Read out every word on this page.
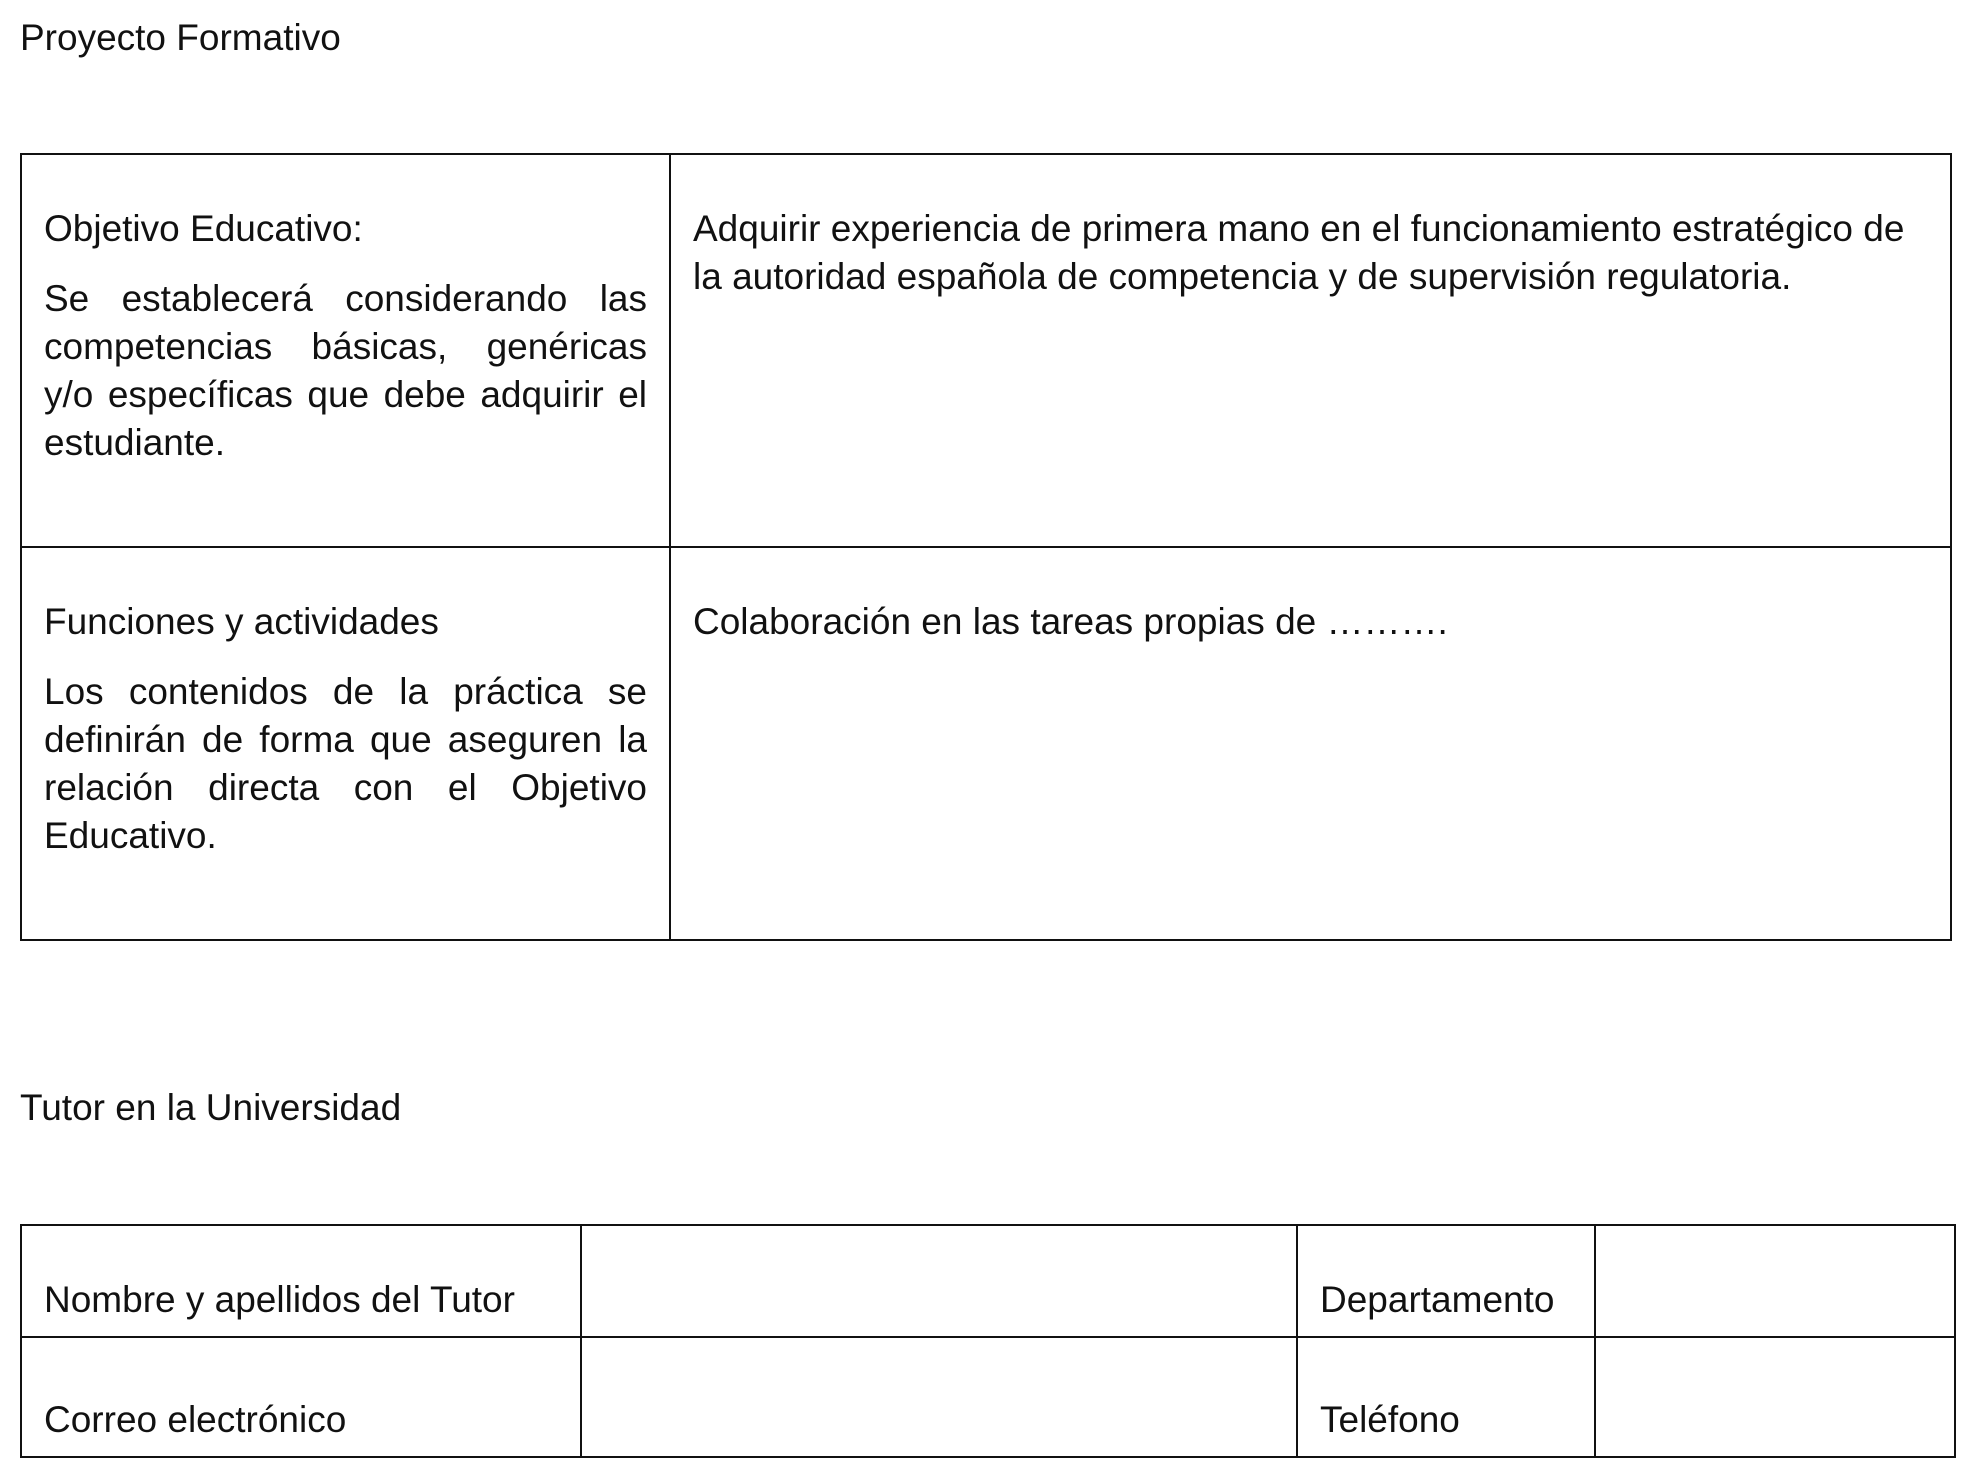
Proyecto Formativo

Objetivo Educativo:

Se establecerá considerando las competencias básicas, genéricas y/o específicas que debe adquirir el estudiante.	Adquirir experiencia de primera mano en el funcionamiento estratégico de la autoridad española de competencia y de supervisión regulatoria.

Funciones y actividades

Los contenidos de la práctica se definirán de forma que aseguren la relación directa con el Objetivo Educativo.	Colaboración en las tareas propias de ……….

Tutor en la Universidad
Nombre y apellidos del Tutor		Departamento	

Correo electrónico		Teléfono	
